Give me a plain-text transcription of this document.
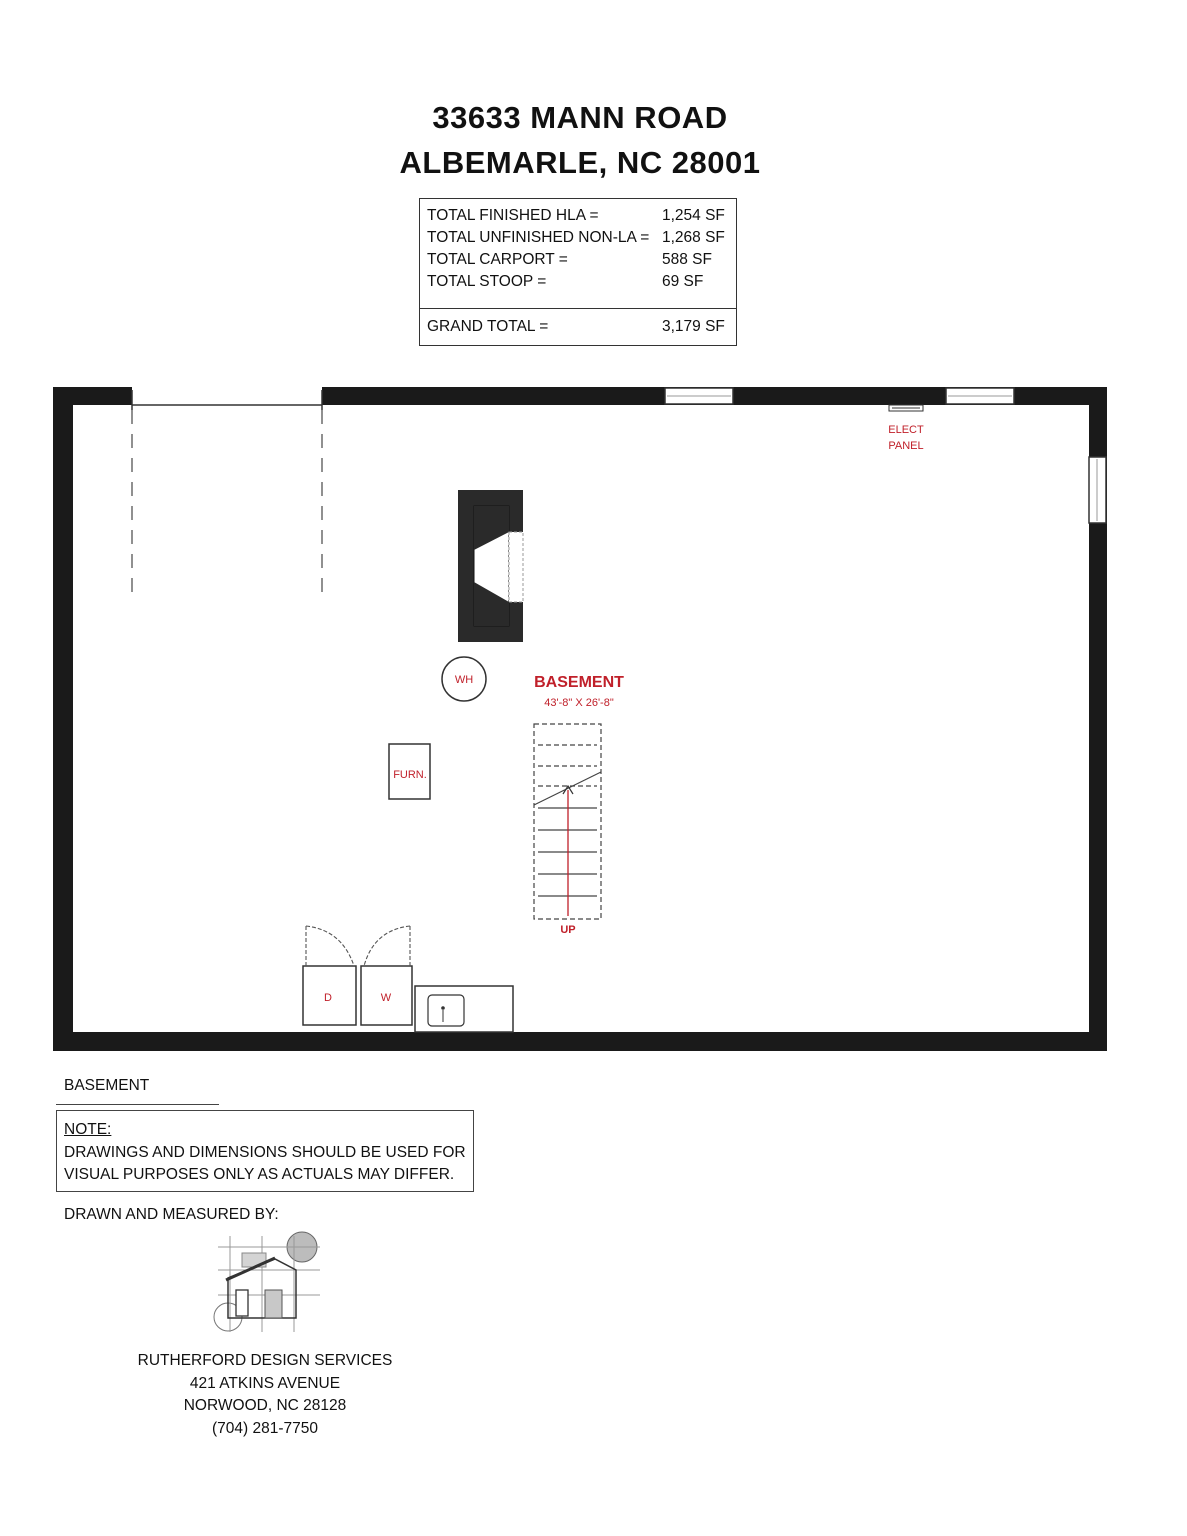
33633 MANN ROAD
ALBEMARLE, NC 28001
TOTAL FINISHED HLA =	1,254 SF
TOTAL UNFINISHED NON-LA = 1,268 SF
TOTAL CARPORT =	588 SF
TOTAL STOOP =	69 SF
GRAND TOTAL =	3,179 SF
ELECT
PANEL
WH	BASEMENT
43'-8" X 26'-8"
FURN.
UP
D	W
BASEMENT
NOTE:
DRAWINGS AND DIMENSIONS SHOULD BE USED FOR
VISUAL PURPOSES ONLY AS ACTUALS MAY DIFFER.
DRAWN AND MEASURED BY:
RUTHERFORD DESIGN SERVICES
421 ATKINS AVENUE
NORWOOD, NC 28128
(704) 281-7750
